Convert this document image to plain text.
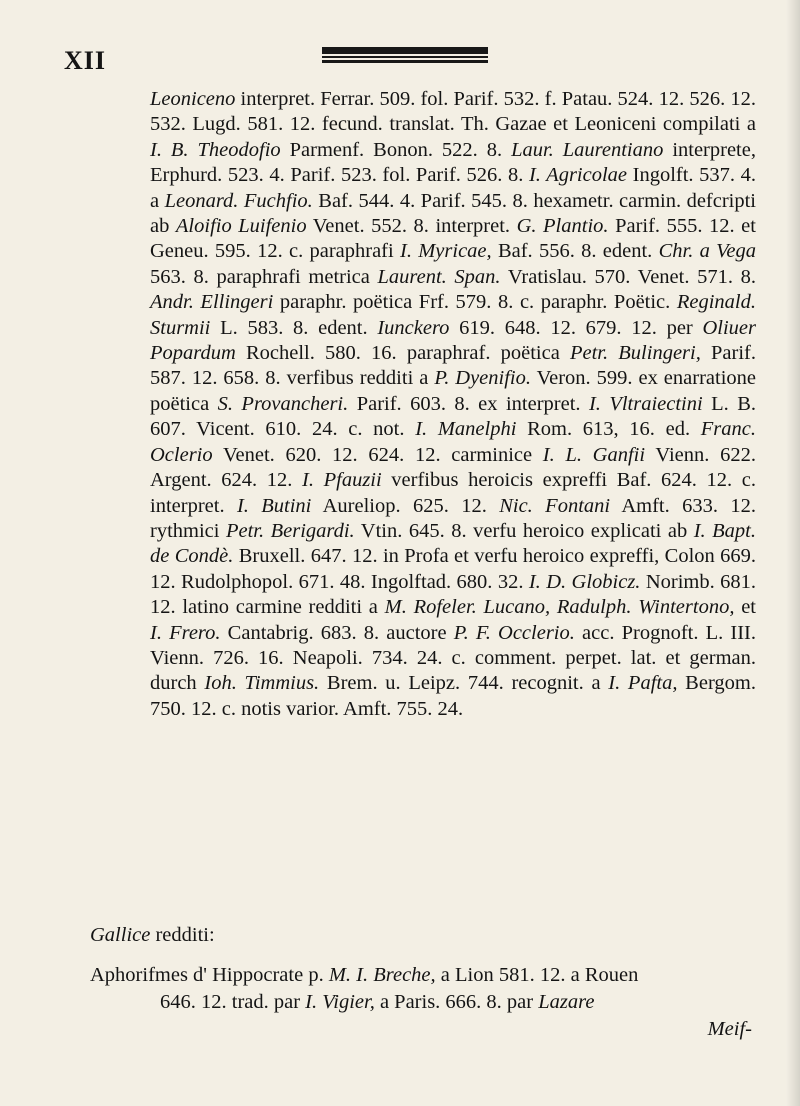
XII
Leoniceno interpret. Ferrar. 509. fol. Parif. 532. f. Patau. 524. 12. 526. 12. 532. Lugd. 581. 12. fecund. translat. Th. Gazae et Leoniceni compilati a I. B. Theodofio Parmenf. Bonon. 522. 8. Laur. Laurentiano interprete, Erphurd. 523. 4. Parif. 523. fol. Parif. 526. 8. I. Agricolae Ingolft. 537. 4. a Leonard. Fuchfio. Baf. 544. 4. Parif. 545. 8. hexametr. carmin. defcripti ab Aloifio Luifenio Venet. 552. 8. interpret. G. Plantio. Parif. 555. 12. et Geneu. 595. 12. c. paraphrafi I. Myricae, Baf. 556. 8. edent. Chr. a Vega 563. 8. paraphrafi metrica Laurent. Span. Vratislau. 570. Venet. 571. 8. Andr. Ellingeri paraphr. poëtica Frf. 579. 8. c. paraphr. Poëtic. Reginald. Sturmii L. 583. 8. edent. Iunckero 619. 648. 12. 679. 12. per Oliuer Popardum Rochell. 580. 16. paraphraf. poëtica Petr. Bulingeri, Parif. 587. 12. 658. 8. verfibus redditi a P. Dyenifio. Veron. 599. ex enarratione poëtica S. Provancheri. Parif. 603. 8. ex interpret. I. Vltraiectini L. B. 607. Vicent. 610. 24. c. not. I. Manelphi Rom. 613, 16. ed. Franc. Oclerio Venet. 620. 12. 624. 12. carminice I. L. Ganfii Vienn. 622. Argent. 624. 12. I. Pfauzii verfibus heroicis expreffi Baf. 624. 12. c. interpret. I. Butini Aureliop. 625. 12. Nic. Fontani Amft. 633. 12. rythmici Petr. Berigardi. Vtin. 645. 8. verfu heroico explicati ab I. Bapt. de Condè. Bruxell. 647. 12. in Profa et verfu heroico expreffi, Colon 669. 12. Rudolphopol. 671. 48. Ingolftad. 680. 32. I. D. Globicz. Norimb. 681. 12. latino carmine redditi a M. Rofeler. Lucano, Radulph. Wintertono, et I. Frero. Cantabrig. 683. 8. auctore P. F. Occlerio. acc. Prognoft. L. III. Vienn. 726. 16. Neapoli. 734. 24. c. comment. perpet. lat. et german. durch Ioh. Timmius. Brem. u. Leipz. 744. recognit. a I. Pafta, Bergom. 750. 12. c. notis varior. Amft. 755. 24.
Gallice redditi:
Aphorifmes d' Hippocrate p. M. I. Breche, a Lion 581. 12. a Rouen
646. 12. trad. par I. Vigier, a Paris. 666. 8. par Lazare
Meif-
